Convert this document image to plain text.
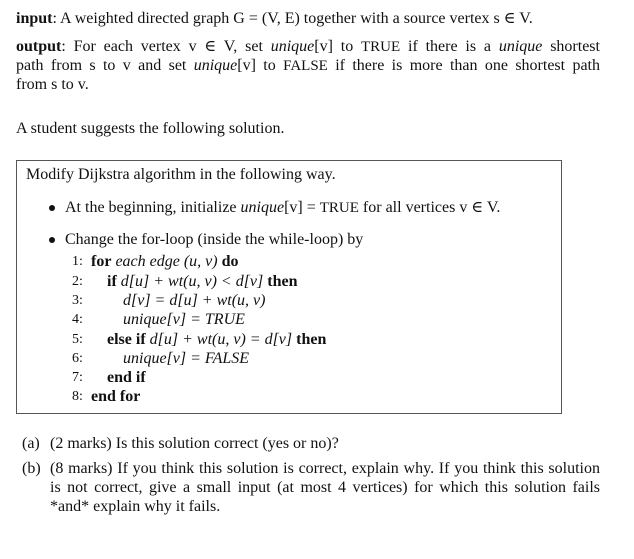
input: A weighted directed graph G = (V, E) together with a source vertex s ∈ V.
output: For each vertex v ∈ V, set unique[v] to TRUE if there is a unique shortest
path from s to v and set unique[v] to FALSE if there is more than one shortest path
from s to v.
A student suggests the following solution.
Modify Dijkstra algorithm in the following way.
At the beginning, initialize unique[v] = TRUE for all vertices v ∈ V.
Change the for-loop (inside the while-loop) by
1: for each edge (u, v) do
2: if d[u] + wt(u, v) < d[v] then
3:	d[v] = d[u] + wt(u, v)
4:	unique[v] = TRUE
5: else if d[u] + wt(u, v) = d[v] then
6:	unique[v] = FALSE
7: end if
8: end for
(a) (2 marks) Is this solution correct (yes or no)?
(b) (8 marks) If you think this solution is correct, explain why. If you think this solution is not correct, give a small input (at most 4 vertices) for which this solution fails *and* explain why it fails.
